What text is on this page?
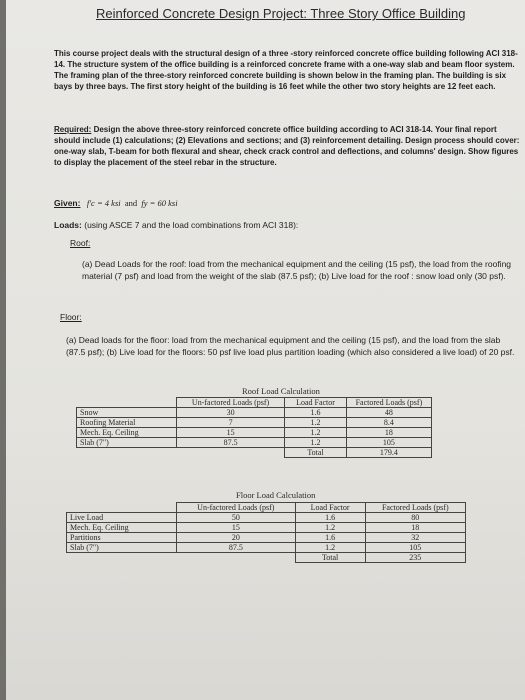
Reinforced Concrete Design Project: Three Story Office Building
This course project deals with the structural design of a three -story reinforced concrete office building following ACI 318-14. The structure system of the office building is a reinforced concrete frame with a one-way slab and beam floor system. The framing plan of the three-story reinforced concrete building is shown below in the framing plan. The building is six bays by three bays. The first story height of the building is 16 feet while the other two story heights are 12 feet each.
Required: Design the above three-story reinforced concrete office building according to ACI 318-14. Your final report should include (1) calculations; (2) Elevations and sections; and (3) reinforcement detailing. Design process should cover: one-way slab, T-beam for both flexural and shear, check crack control and deflections, and columns' design. Show figures to display the placement of the steel rebar in the structure.
Given: f′c = 4 ksi and fy = 60 ksi
Loads: (using ASCE 7 and the load combinations from ACI 318):
Roof:
(a) Dead Loads for the roof: load from the mechanical equipment and the ceiling (15 psf), the load from the roofing material (7 psf) and load from the weight of the slab (87.5 psf); (b) Live load for the roof : snow load only (30 psf).
Floor:
(a) Dead loads for the floor: load from the mechanical equipment and the ceiling (15 psf), and the load from the slab (87.5 psf); (b) Live load for the floors: 50 psf live load plus partition loading (which also considered a live load) of 20 psf.
Roof Load Calculation
	Un-factored Loads (psf)	Load Factor	Factored Loads (psf)
Snow	30	1.6	48
Roofing Material	7	1.2	8.4
Mech. Eq. Ceiling	15	1.2	18
Slab (7")	87.5	1.2	105
		Total	179.4
Floor Load Calculation
	Un-factored Loads (psf)	Load Factor	Factored Loads (psf)
Live Load	50	1.6	80
Mech. Eq. Ceiling	15	1.2	18
Partitions	20	1.6	32
Slab (7")	87.5	1.2	105
		Total	235
